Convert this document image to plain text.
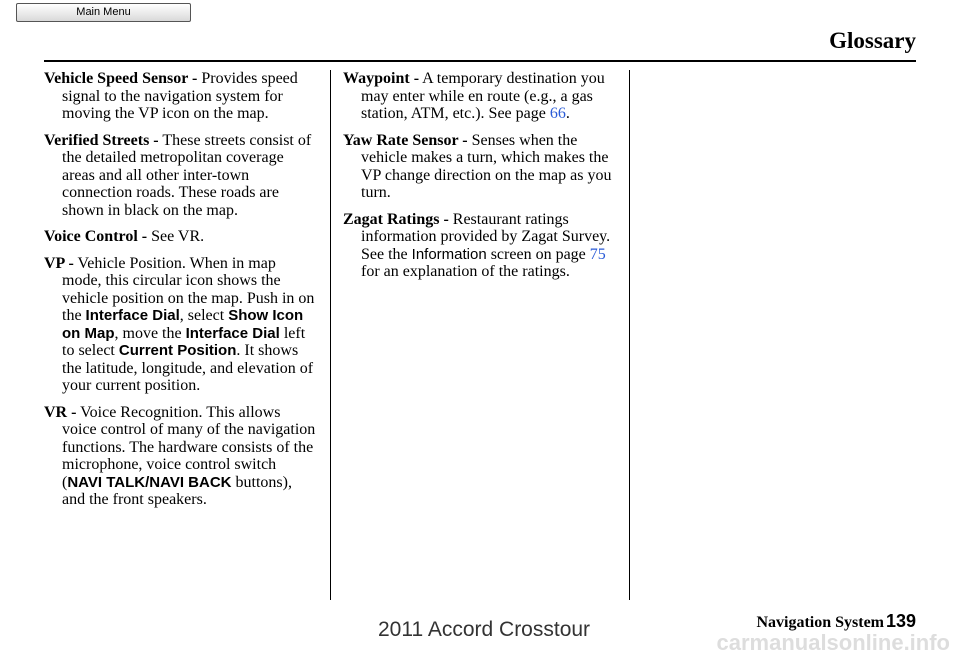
Main Menu
Glossary

Vehicle Speed Sensor - Provides speed signal to the navigation system for moving the VP icon on the map.

Verified Streets - These streets consist of the detailed metropolitan coverage areas and all other inter-town connection roads. These roads are shown in black on the map.

Voice Control - See VR.

VP - Vehicle Position. When in map mode, this circular icon shows the vehicle position on the map. Push in on the Interface Dial, select Show Icon on Map, move the Interface Dial left to select Current Position. It shows the latitude, longitude, and elevation of your current position.

VR - Voice Recognition. This allows voice control of many of the navigation functions. The hardware consists of the microphone, voice control switch (NAVI TALK/NAVI BACK buttons), and the front speakers.

Waypoint - A temporary destination you may enter while en route (e.g., a gas station, ATM, etc.). See page 66.

Yaw Rate Sensor - Senses when the vehicle makes a turn, which makes the VP change direction on the map as you turn.

Zagat Ratings - Restaurant ratings information provided by Zagat Survey. See the Information screen on page 75 for an explanation of the ratings.

Navigation System 139
2011 Accord Crosstour
carmanualsonline.info
